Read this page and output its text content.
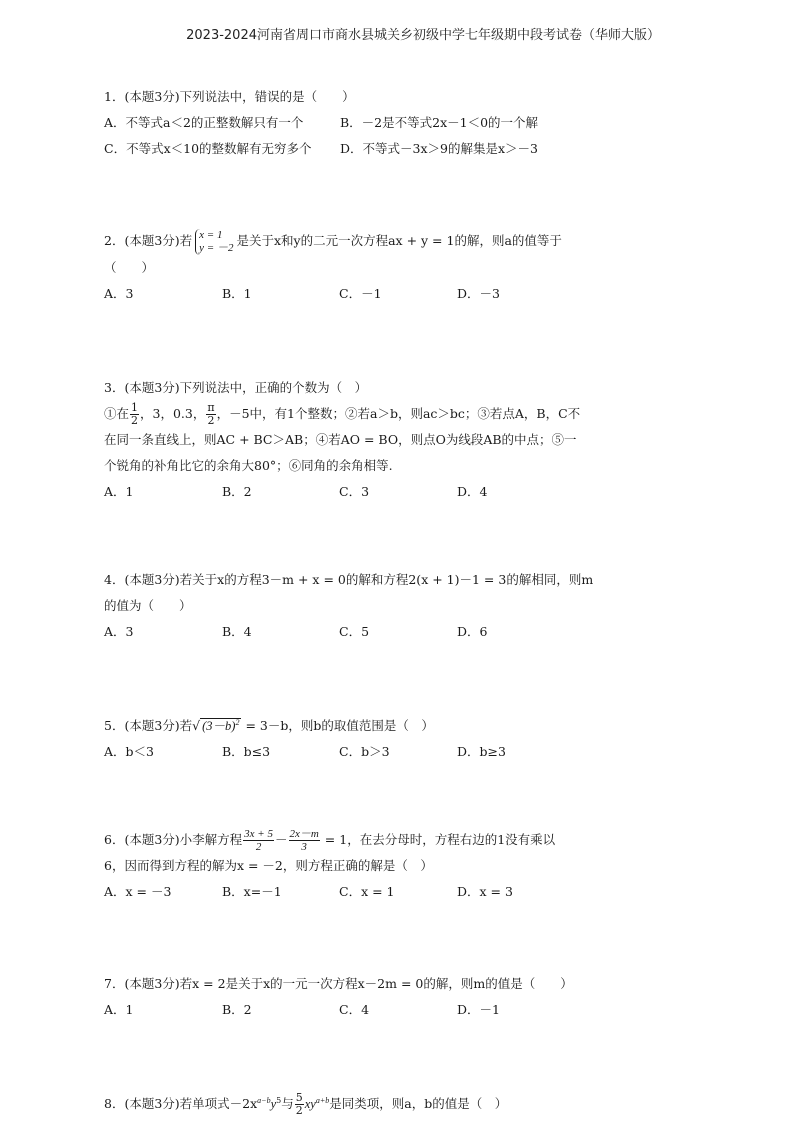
2023-2024河南省周口市商水县城关乡初级中学七年级期中段考试卷（华师大版）
1．(本题3分)下列说法中，错误的是（　　）
A．不等式a＜2的正整数解只有一个	B．－2是不等式2x－1＜0的一个解
C．不等式x＜10的整数解有无穷多个 D．不等式－3x＞9的解集是x＞－3
2．(本题3分)若 x = 1
y = －2 是关于x和y的二元一次方程ax + y = 1的解，则a的值等于
（　　）
A．3	B．1	C．－1	D．－3
3．(本题3分)下列说法中，正确的个数为（　）
①在 $\frac{1}{2}$ ，3，0.3， $\frac{\pi}{2}$ ，－5中，有1个整数；②若a＞b，则ac＞bc；③若点A，B，C不
在同一条直线上，则AC + BC＞AB；④若AO = BO，则点O为线段AB的中点；⑤一
个锐角的补角比它的余角大80°；⑥同角的余角相等.
A．1	B．2	C．3	D．4
4．(本题3分)若关于x的方程3－m + x = 0的解和方程2(x + 1)－1 = 3的解相同，则m
的值为（　　）
A．3	B．4	C．5	D．6
5．(本题3分)若√ $(3-b)^2 = 3-b$，则b的取值范围是（　）
A．b＜3	B．b≤3	C．b＞3	D．b≥3
6．(本题3分)小李解方程 $\frac{3x + 5}{2} - \frac{2x-m}{3} = 1$，在去分母时，方程右边的1没有乘以
6，因而得到方程的解为x = －2，则方程正确的解是（　）
A．x = －3	B．x=－1	C．x = 1	D．x = 3
7．(本题3分)若x = 2是关于x的一元一次方程x－2m = 0的解，则m的值是（　　）
A．1	B．2	C．4	D．－1
8．(本题3分)若单项式$-2x^{a-b}y^5$与 $\frac{5}{2} xy^{a+b}$是同类项，则a，b的值是（　）
